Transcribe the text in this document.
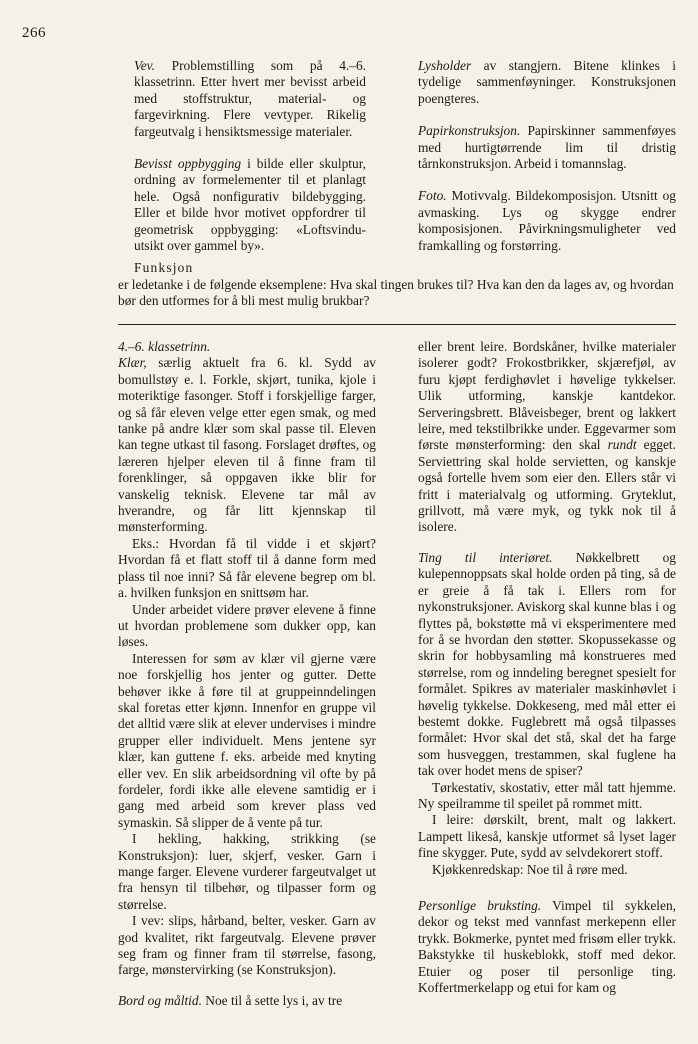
266

Vev. Problemstilling som på 4.–6. klassetrinn. Etter hvert mer bevisst arbeid med stoffstruktur, material- og fargevirkning. Flere vevtyper. Rikelig fargeutvalg i hensiktsmessige materialer.

Bevisst oppbygging i bilde eller skulptur, ordning av formelementer til et planlagt hele. Også nonfigurativ bildebygging. Eller et bilde hvor motivet oppfordrer til geometrisk oppbygging: «Loftsvindu-utsikt over gammel by».

Lysholder av stangjern. Bitene klinkes i tydelige sammenføyninger. Konstruksjonen poengteres.

Papirkonstruksjon. Papirskinner sammenføyes med hurtigtørrende lim til dristig tårnkonstruksjon. Arbeid i tomannslag.

Foto. Motivvalg. Bildekomposisjon. Utsnitt og avmasking. Lys og skygge endrer komposisjonen. Påvirkningsmuligheter ved framkalling og forstørring.

Funksjon
er ledetanke i de følgende eksemplene: Hva skal tingen brukes til? Hva kan den da lages av, og hvordan bør den utformes for å bli mest mulig brukbar?

4.–6. klassetrinn.

Klær, særlig aktuelt fra 6. kl. Sydd av bomullstøy e. l. Forkle, skjørt, tunika, kjole i moteriktige fasonger. Stoff i forskjellige farger, og så får eleven velge etter egen smak, og med tanke på andre klær som skal passe til. Eleven kan tegne utkast til fasong. Forslaget drøftes, og læreren hjelper eleven til å finne fram til forenklinger, så oppgaven ikke blir for vanskelig teknisk. Elevene tar mål av hverandre, og får litt kjennskap til mønsterforming.

Eks.: Hvordan få til vidde i et skjørt? Hvordan få et flatt stoff til å danne form med plass til noe inni? Så får elevene begrep om bl. a. hvilken funksjon en snittsøm har.

Under arbeidet videre prøver elevene å finne ut hvordan problemene som dukker opp, kan løses.

Interessen for søm av klær vil gjerne være noe forskjellig hos jenter og gutter. Dette behøver ikke å føre til at gruppeinndelingen skal foretas etter kjønn. Innenfor en gruppe vil det alltid være slik at elever undervises i mindre grupper eller individuelt. Mens jentene syr klær, kan guttene f. eks. arbeide med knyting eller vev. En slik arbeidsordning vil ofte by på fordeler, fordi ikke alle elevene samtidig er i gang med arbeid som krever plass ved symaskin. Så slipper de å vente på tur.

I hekling, hakking, strikking (se Konstruksjon): luer, skjerf, vesker. Garn i mange farger. Elevene vurderer fargeutvalget ut fra hensyn til tilbehør, og tilpasser form og størrelse.

I vev: slips, hårband, belter, vesker. Garn av god kvalitet, rikt fargeutvalg. Elevene prøver seg fram og finner fram til størrelse, fasong, farge, mønstervirking (se Konstruksjon).

Bord og måltid. Noe til å sette lys i, av tre

eller brent leire. Bordskåner, hvilke materialer isolerer godt? Frokostbrikker, skjærefjøl, av furu kjøpt ferdighøvlet i høvelige tykkelser. Ulik utforming, kanskje kantdekor. Serveringsbrett. Blåveisbeger, brent og lakkert leire, med tekstilbrikke under. Eggevarmer som første mønsterforming: den skal rundt egget. Serviettring skal holde servietten, og kanskje også fortelle hvem som eier den. Ellers står vi fritt i materialvalg og utforming. Gryteklut, grillvott, må være myk, og tykk nok til å isolere.

Ting til interiøret. Nøkkelbrett og kulepennoppsats skal holde orden på ting, så de er greie å få tak i. Ellers rom for nykonstruksjoner. Aviskorg skal kunne blas i og flyttes på, bokstøtte må vi eksperimentere med for å se hvordan den støtter. Skopussekasse og skrin for hobbysamling må konstrueres med størrelse, rom og inndeling beregnet spesielt for formålet. Spikres av materialer maskinhøvlet i høvelig tykkelse. Dokkeseng, med mål etter ei bestemt dokke. Fuglebrett må også tilpasses formålet: Hvor skal det stå, skal det ha farge som husveggen, trestammen, skal fuglene ha tak over hodet mens de spiser?

Tørkestativ, skostativ, etter mål tatt hjemme. Ny speilramme til speilet på rommet mitt.

I leire: dørskilt, brent, malt og lakkert. Lampett likeså, kanskje utformet så lyset lager fine skygger. Pute, sydd av selvdekorert stoff.

Kjøkkenredskap: Noe til å røre med.

Personlige bruksting. Vimpel til sykkelen, dekor og tekst med vannfast merkepenn eller trykk. Bokmerke, pyntet med frisøm eller trykk. Bakstykke til huskeblokk, stoff med dekor. Etuier og poser til personlige ting. Koffertmerkelapp og etui for kam og
